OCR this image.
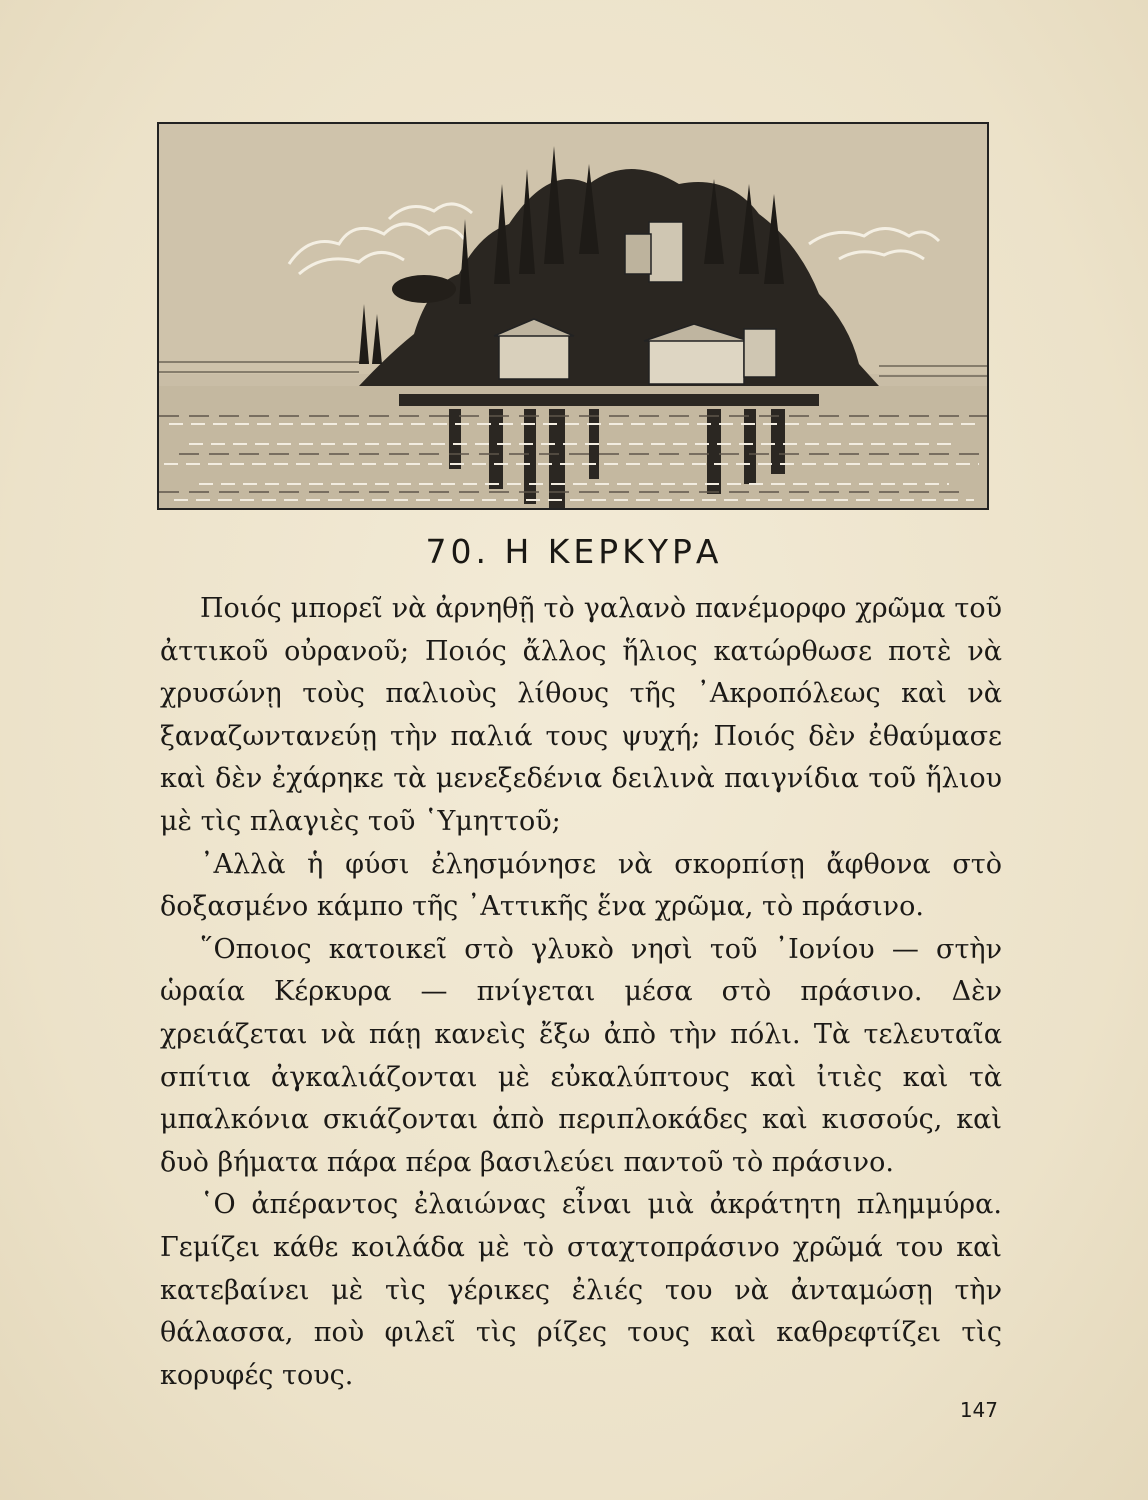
70. Η ΚΕΡΚΥΡΑ

Ποιός μπορεῖ νὰ ἀρνηθῇ τὸ γαλανὸ πανέμορφο χρῶμα τοῦ ἀττικοῦ οὐρανοῦ; Ποιός ἄλλος ἥλιος κατώρθωσε ποτὲ νὰ χρυσώνῃ τοὺς παλιοὺς λίθους τῆς ᾿Ακροπόλεως καὶ νὰ ξαναζωντανεύῃ τὴν παλιά τους ψυχή; Ποιός δὲν ἐθαύμασε καὶ δὲν ἐχάρηκε τὰ μενεξεδένια δειλινὰ παιγνίδια τοῦ ἥλιου μὲ τὶς πλαγιὲς τοῦ ῾Υμηττοῦ;

᾿Αλλὰ ἡ φύσι ἐλησμόνησε νὰ σκορπίσῃ ἄφθονα στὸ δοξασμένο κάμπο τῆς ᾿Αττικῆς ἕνα χρῶμα, τὸ πράσινο.

῞Οποιος κατοικεῖ στὸ γλυκὸ νησὶ τοῦ ᾿Ιονίου — στὴν ὡραία Κέρκυρα — πνίγεται μέσα στὸ πράσινο. Δὲν χρειάζεται νὰ πάῃ κανεὶς ἔξω ἀπὸ τὴν πόλι. Τὰ τελευταῖα σπίτια ἀγκαλιάζονται μὲ εὐκαλύπτους καὶ ἰτιὲς καὶ τὰ μπαλκόνια σκιάζονται ἀπὸ περιπλοκάδες καὶ κισσούς, καὶ δυὸ βήματα πάρα πέρα βασιλεύει παντοῦ τὸ πράσινο.

῾Ο ἀπέραντος ἐλαιώνας εἶναι μιὰ ἀκράτητη πλημμύρα. Γεμίζει κάθε κοιλάδα μὲ τὸ σταχτοπράσινο χρῶμά του καὶ κατεβαίνει μὲ τὶς γέρικες ἐλιές του νὰ ἀνταμώσῃ τὴν θάλασσα, ποὺ φιλεῖ τὶς ρίζες τους καὶ καθρεφτίζει τὶς κορυφές τους.

147
